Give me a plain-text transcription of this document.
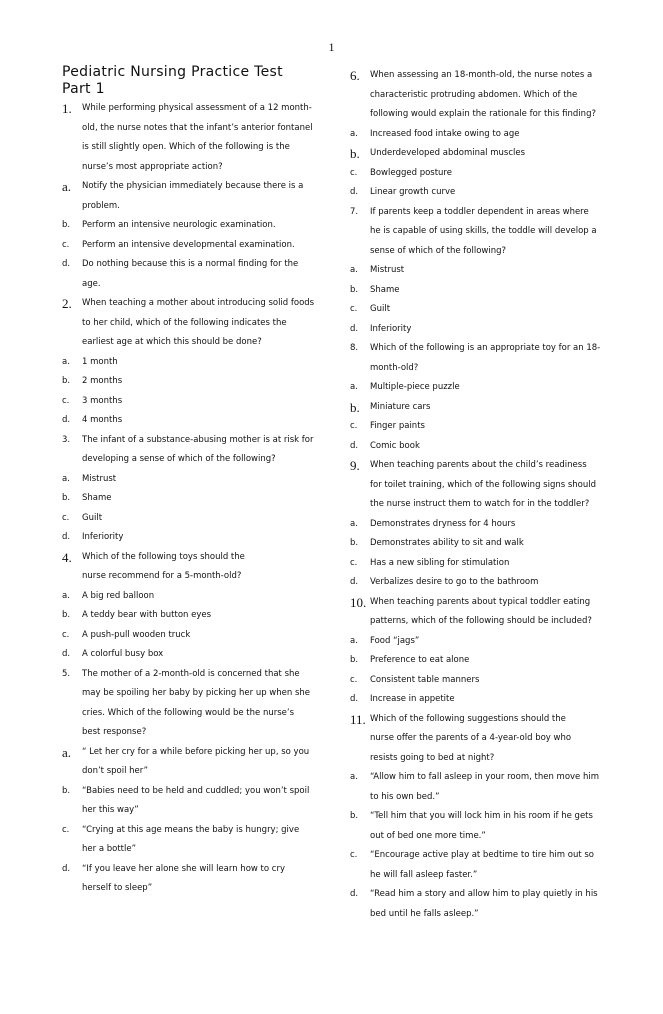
1
Pediatric Nursing Practice Test
Part 1
1.	While performing physical assessment of a 12 month-
old, the nurse notes that the infant’s anterior fontanel
is still slightly open. Which of the following is the
nurse’s most appropriate action?
a.	Notify the physician immediately because there is a
problem.
b.	Perform an intensive neurologic examination.
c.	Perform an intensive developmental examination.
d.	Do nothing because this is a normal finding for the
age.
2.	When teaching a mother about introducing solid foods
to her child, which of the following indicates the
earliest age at which this should be done?
a.	1 month
b.	2 months
c.	3 months
d.	4 months
3.	The infant of a substance-abusing mother is at risk for
developing a sense of which of the following?
a.	Mistrust
b.	Shame
c.	Guilt
d.	Inferiority
4.	Which of the following toys should the
nurse recommend for a 5-month-old?
a.	A big red balloon
b.	A teddy bear with button eyes
c.	A push-pull wooden truck
d.	A colorful busy box
5.	The mother of a 2-month-old is concerned that she
may be spoiling her baby by picking her up when she
cries. Which of the following would be the nurse’s
best response?
a.	“ Let her cry for a while before picking her up, so you
don’t spoil her”
b.	“Babies need to be held and cuddled; you won’t spoil
her this way”
c.	“Crying at this age means the baby is hungry; give
her a bottle”
d.	“If you leave her alone she will learn how to cry
herself to sleep”
6.	When assessing an 18-month-old, the nurse notes a
characteristic protruding abdomen. Which of the
following would explain the rationale for this finding?
a.	Increased food intake owing to age
b.	Underdeveloped abdominal muscles
c.	Bowlegged posture
d.	Linear growth curve
7.	If parents keep a toddler dependent in areas where
he is capable of using skills, the toddle will develop a
sense of which of the following?
a.	Mistrust
b.	Shame
c.	Guilt
d.	Inferiority
8.	Which of the following is an appropriate toy for an 18-
month-old?
a.	Multiple-piece puzzle
b.	Miniature cars
c.	Finger paints
d.	Comic book
9.	When teaching parents about the child’s readiness
for toilet training, which of the following signs should
the nurse instruct them to watch for in the toddler?
a.	Demonstrates dryness for 4 hours
b.	Demonstrates ability to sit and walk
c.	Has a new sibling for stimulation
d.	Verbalizes desire to go to the bathroom
10. When teaching parents about typical toddler eating
patterns, which of the following should be included?
a.	Food “jags”
b.	Preference to eat alone
c.	Consistent table manners
d.	Increase in appetite
11. Which of the following suggestions should the
nurse offer the parents of a 4-year-old boy who
resists going to bed at night?
a.	“Allow him to fall asleep in your room, then move him
to his own bed.”
b.	“Tell him that you will lock him in his room if he gets
out of bed one more time.”
c.	“Encourage active play at bedtime to tire him out so
he will fall asleep faster.”
d.	“Read him a story and allow him to play quietly in his
bed until he falls asleep.”
